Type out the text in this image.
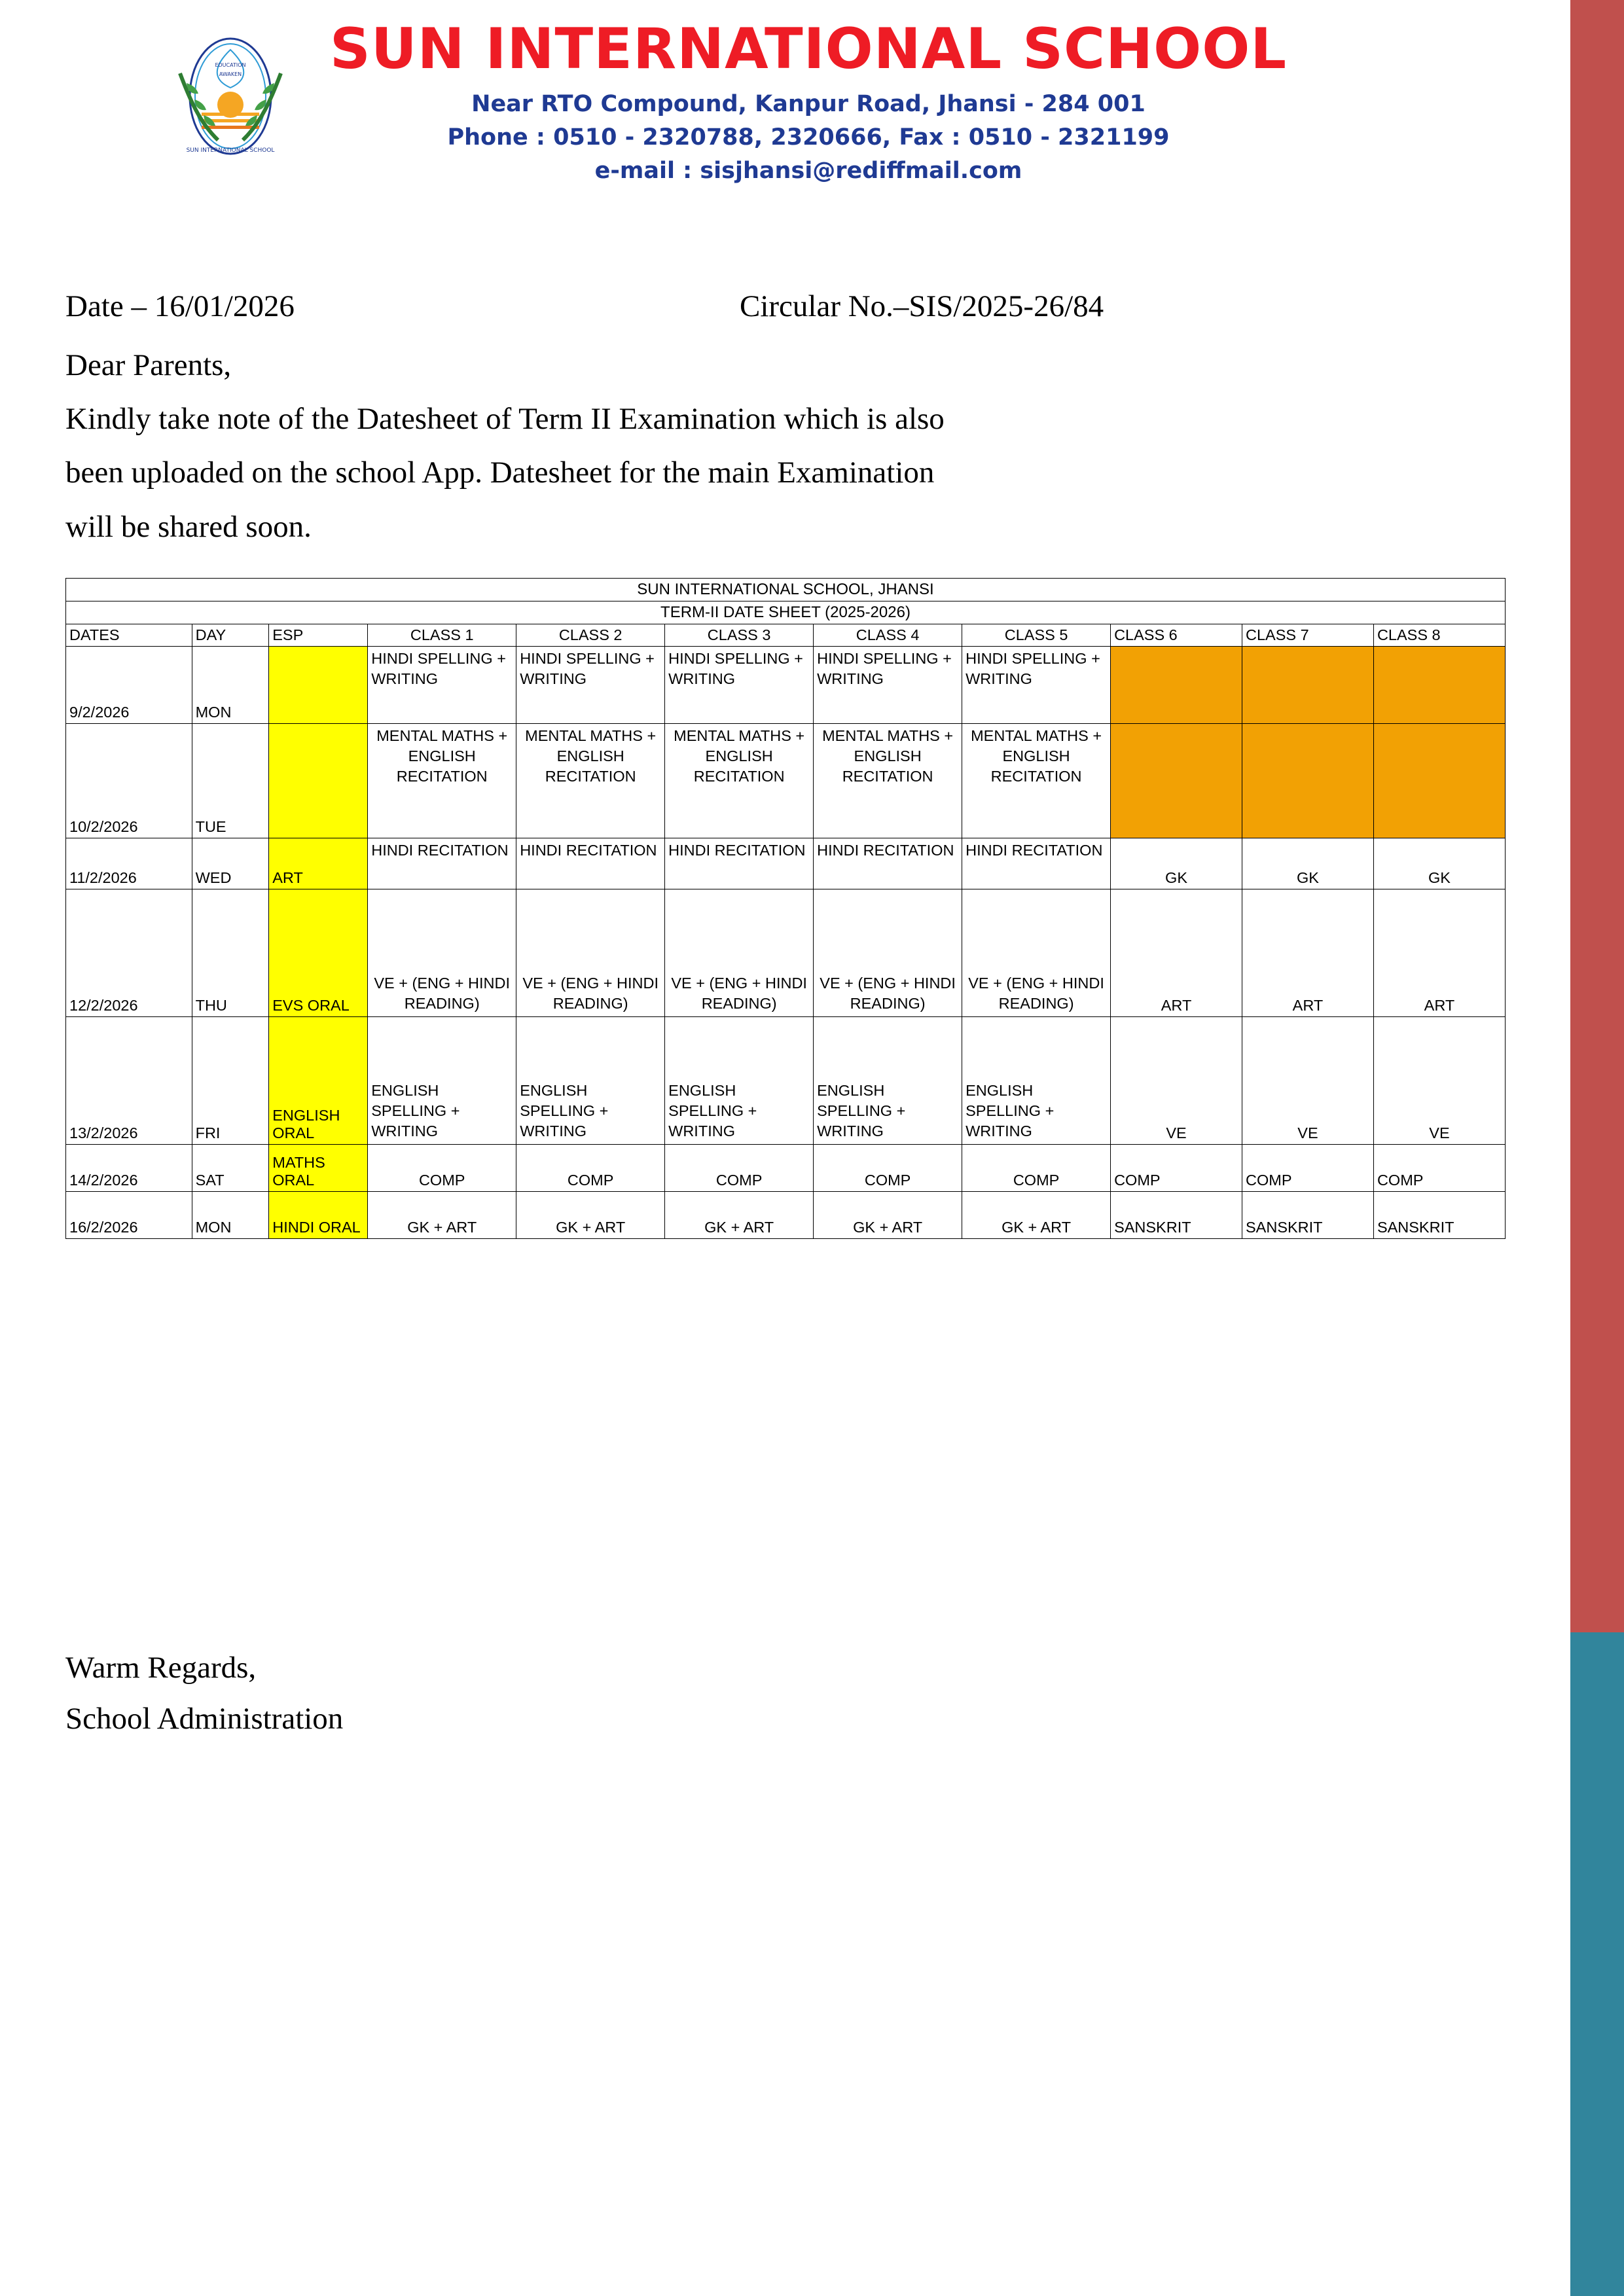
EDUCATION
AWAKEN
SUN INTERNATIONAL SCHOOL
SUN INTERNATIONAL SCHOOL
Near RTO Compound, Kanpur Road, Jhansi - 284 001
Phone : 0510 - 2320788, 2320666, Fax : 0510 - 2321199
e-mail : sisjhansi@rediffmail.com
Date – 16/01/2026	Circular No.–SIS/2025-26/84

Dear Parents,

Kindly take note of the Datesheet of Term II Examination which is also

been uploaded on the school App. Datesheet for the main Examination

will be shared soon.

SUN INTERNATIONAL SCHOOL, JHANSI										
TERM-II DATE SHEET (2025-2026)										
DATES	DAY	ESP	CLASS 1	CLASS 2	CLASS 3	CLASS 4	CLASS 5	CLASS 6	CLASS 7	CLASS 8
9/2/2026	MON		HINDI SPELLING + WRITING	HINDI SPELLING + WRITING	HINDI SPELLING + WRITING	HINDI SPELLING + WRITING	HINDI SPELLING + WRITING			
10/2/2026	TUE		MENTAL MATHS + ENGLISH RECITATION	MENTAL MATHS + ENGLISH RECITATION	MENTAL MATHS + ENGLISH RECITATION	MENTAL MATHS + ENGLISH RECITATION	MENTAL MATHS + ENGLISH RECITATION			
11/2/2026	WED	ART	HINDI RECITATION	HINDI RECITATION	HINDI RECITATION	HINDI RECITATION	HINDI RECITATION	GK	GK	GK
12/2/2026	THU	EVS ORAL	VE + (ENG + HINDI READING)	VE + (ENG + HINDI READING)	VE + (ENG + HINDI READING)	VE + (ENG + HINDI READING)	VE + (ENG + HINDI READING)	ART	ART	ART
13/2/2026	FRI	ENGLISH ORAL	ENGLISH SPELLING + WRITING	ENGLISH SPELLING + WRITING	ENGLISH SPELLING + WRITING	ENGLISH SPELLING + WRITING	ENGLISH SPELLING + WRITING	VE	VE	VE
14/2/2026	SAT	MATHS ORAL	COMP	COMP	COMP	COMP	COMP	COMP	COMP	COMP
16/2/2026	MON	HINDI ORAL	GK + ART	GK + ART	GK + ART	GK + ART	GK + ART	SANSKRIT	SANSKRIT	SANSKRIT
Warm Regards,
School Administration
